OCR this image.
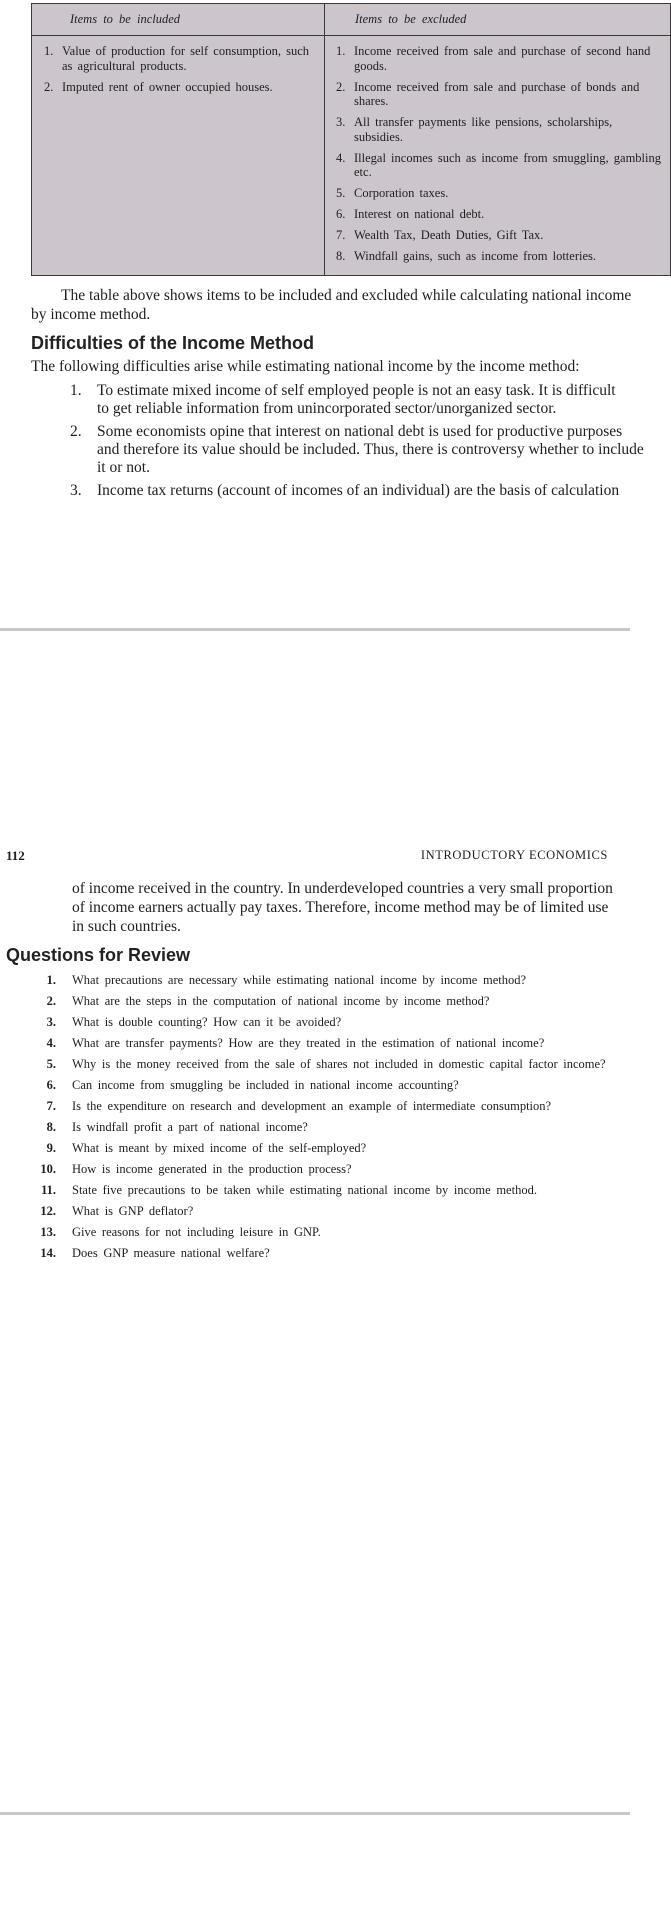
Items to be included	Items to be excluded
1. Value of production for self consumption, such as agricultural products.
2. Imputed rent of owner occupied houses.
1. Income received from sale and purchase of second hand goods.
2. Income received from sale and purchase of bonds and shares.
3. All transfer payments like pensions, scholarships, subsidies.
4. Illegal incomes such as income from smuggling, gambling etc.
5. Corporation taxes.
6. Interest on national debt.
7. Wealth Tax, Death Duties, Gift Tax.
8. Windfall gains, such as income from lotteries.
The table above shows items to be included and excluded while calculating national income
by income method.
Difficulties of the Income Method
The following difficulties arise while estimating national income by the income method:
1. To estimate mixed income of self employed people is not an easy task. It is difficult
to get reliable information from unincorporated sector/unorganized sector.
2. Some economists opine that interest on national debt is used for productive purposes
and therefore its value should be included. Thus, there is controversy whether to include
it or not.
3. Income tax returns (account of incomes of an individual) are the basis of calculation
112	INTRODUCTORY ECONOMICS
of income received in the country. In underdeveloped countries a very small proportion of income earners actually pay taxes. Therefore, income method may be of limited use in such countries.
Questions for Review
1. What precautions are necessary while estimating national income by income method?
2. What are the steps in the computation of national income by income method?
3. What is double counting? How can it be avoided?
4. What are transfer payments? How are they treated in the estimation of national income?
5. Why is the money received from the sale of shares not included in domestic capital factor income?
6. Can income from smuggling be included in national income accounting?
7. Is the expenditure on research and development an example of intermediate consumption?
8. Is windfall profit a part of national income?
9. What is meant by mixed income of the self-employed?
10. How is income generated in the production process?
11. State five precautions to be taken while estimating national income by income method.
12. What is GNP deflator?
13. Give reasons for not including leisure in GNP.
14. Does GNP measure national welfare?
